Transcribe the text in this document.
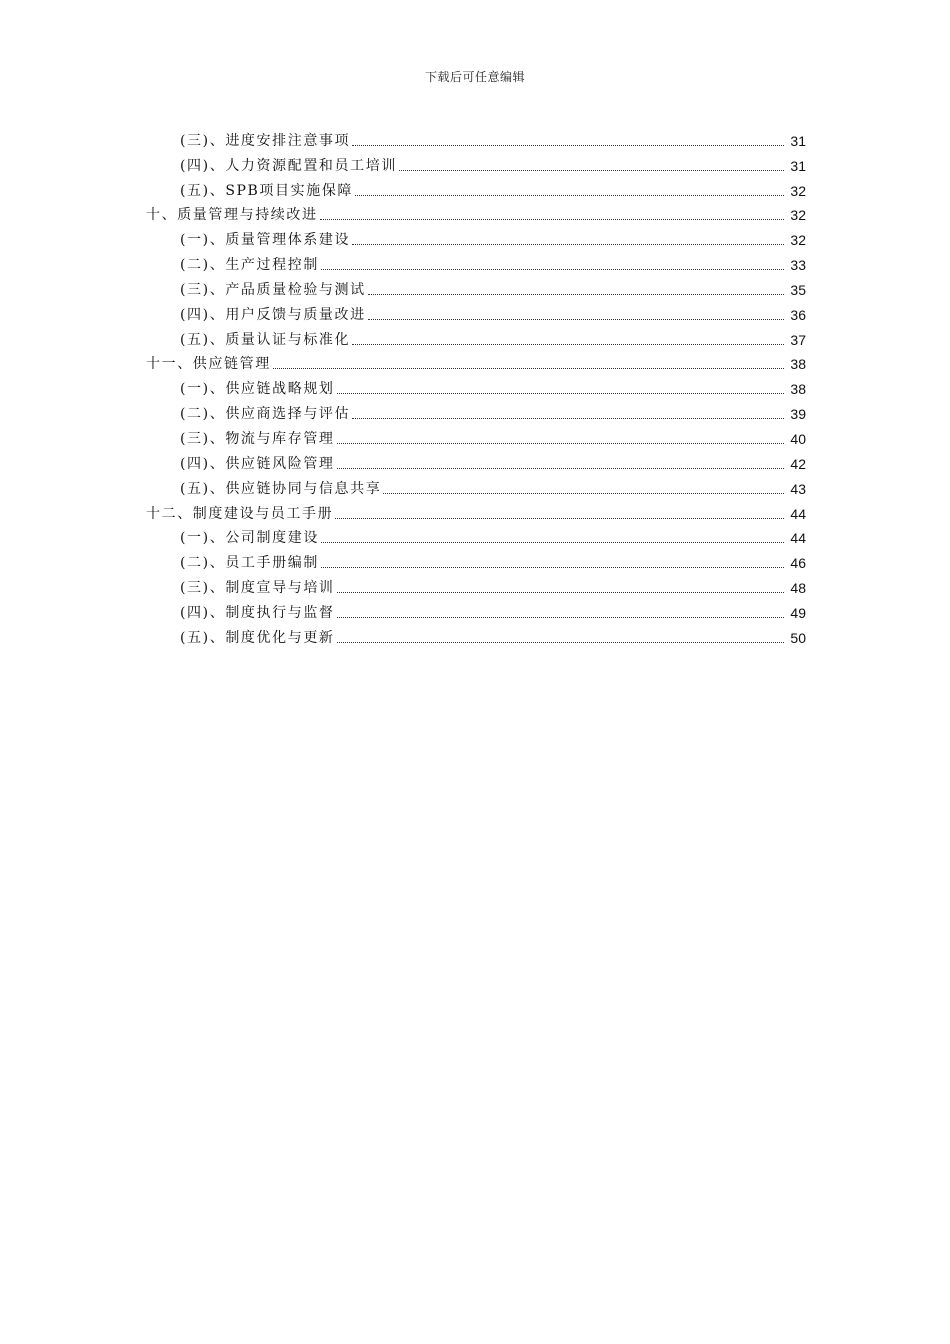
下载后可任意编辑
(三)、进度安排注意事项	31
(四)、人力资源配置和员工培训	31
(五)、SPB项目实施保障	32
十、质量管理与持续改进	32
(一)、质量管理体系建设	32
(二)、生产过程控制	33
(三)、产品质量检验与测试	35
(四)、用户反馈与质量改进	36
(五)、质量认证与标准化	37
十一、供应链管理	38
(一)、供应链战略规划	38
(二)、供应商选择与评估	39
(三)、物流与库存管理	40
(四)、供应链风险管理	42
(五)、供应链协同与信息共享	43
十二、制度建设与员工手册	44
(一)、公司制度建设	44
(二)、员工手册编制	46
(三)、制度宣导与培训	48
(四)、制度执行与监督	49
(五)、制度优化与更新	50
